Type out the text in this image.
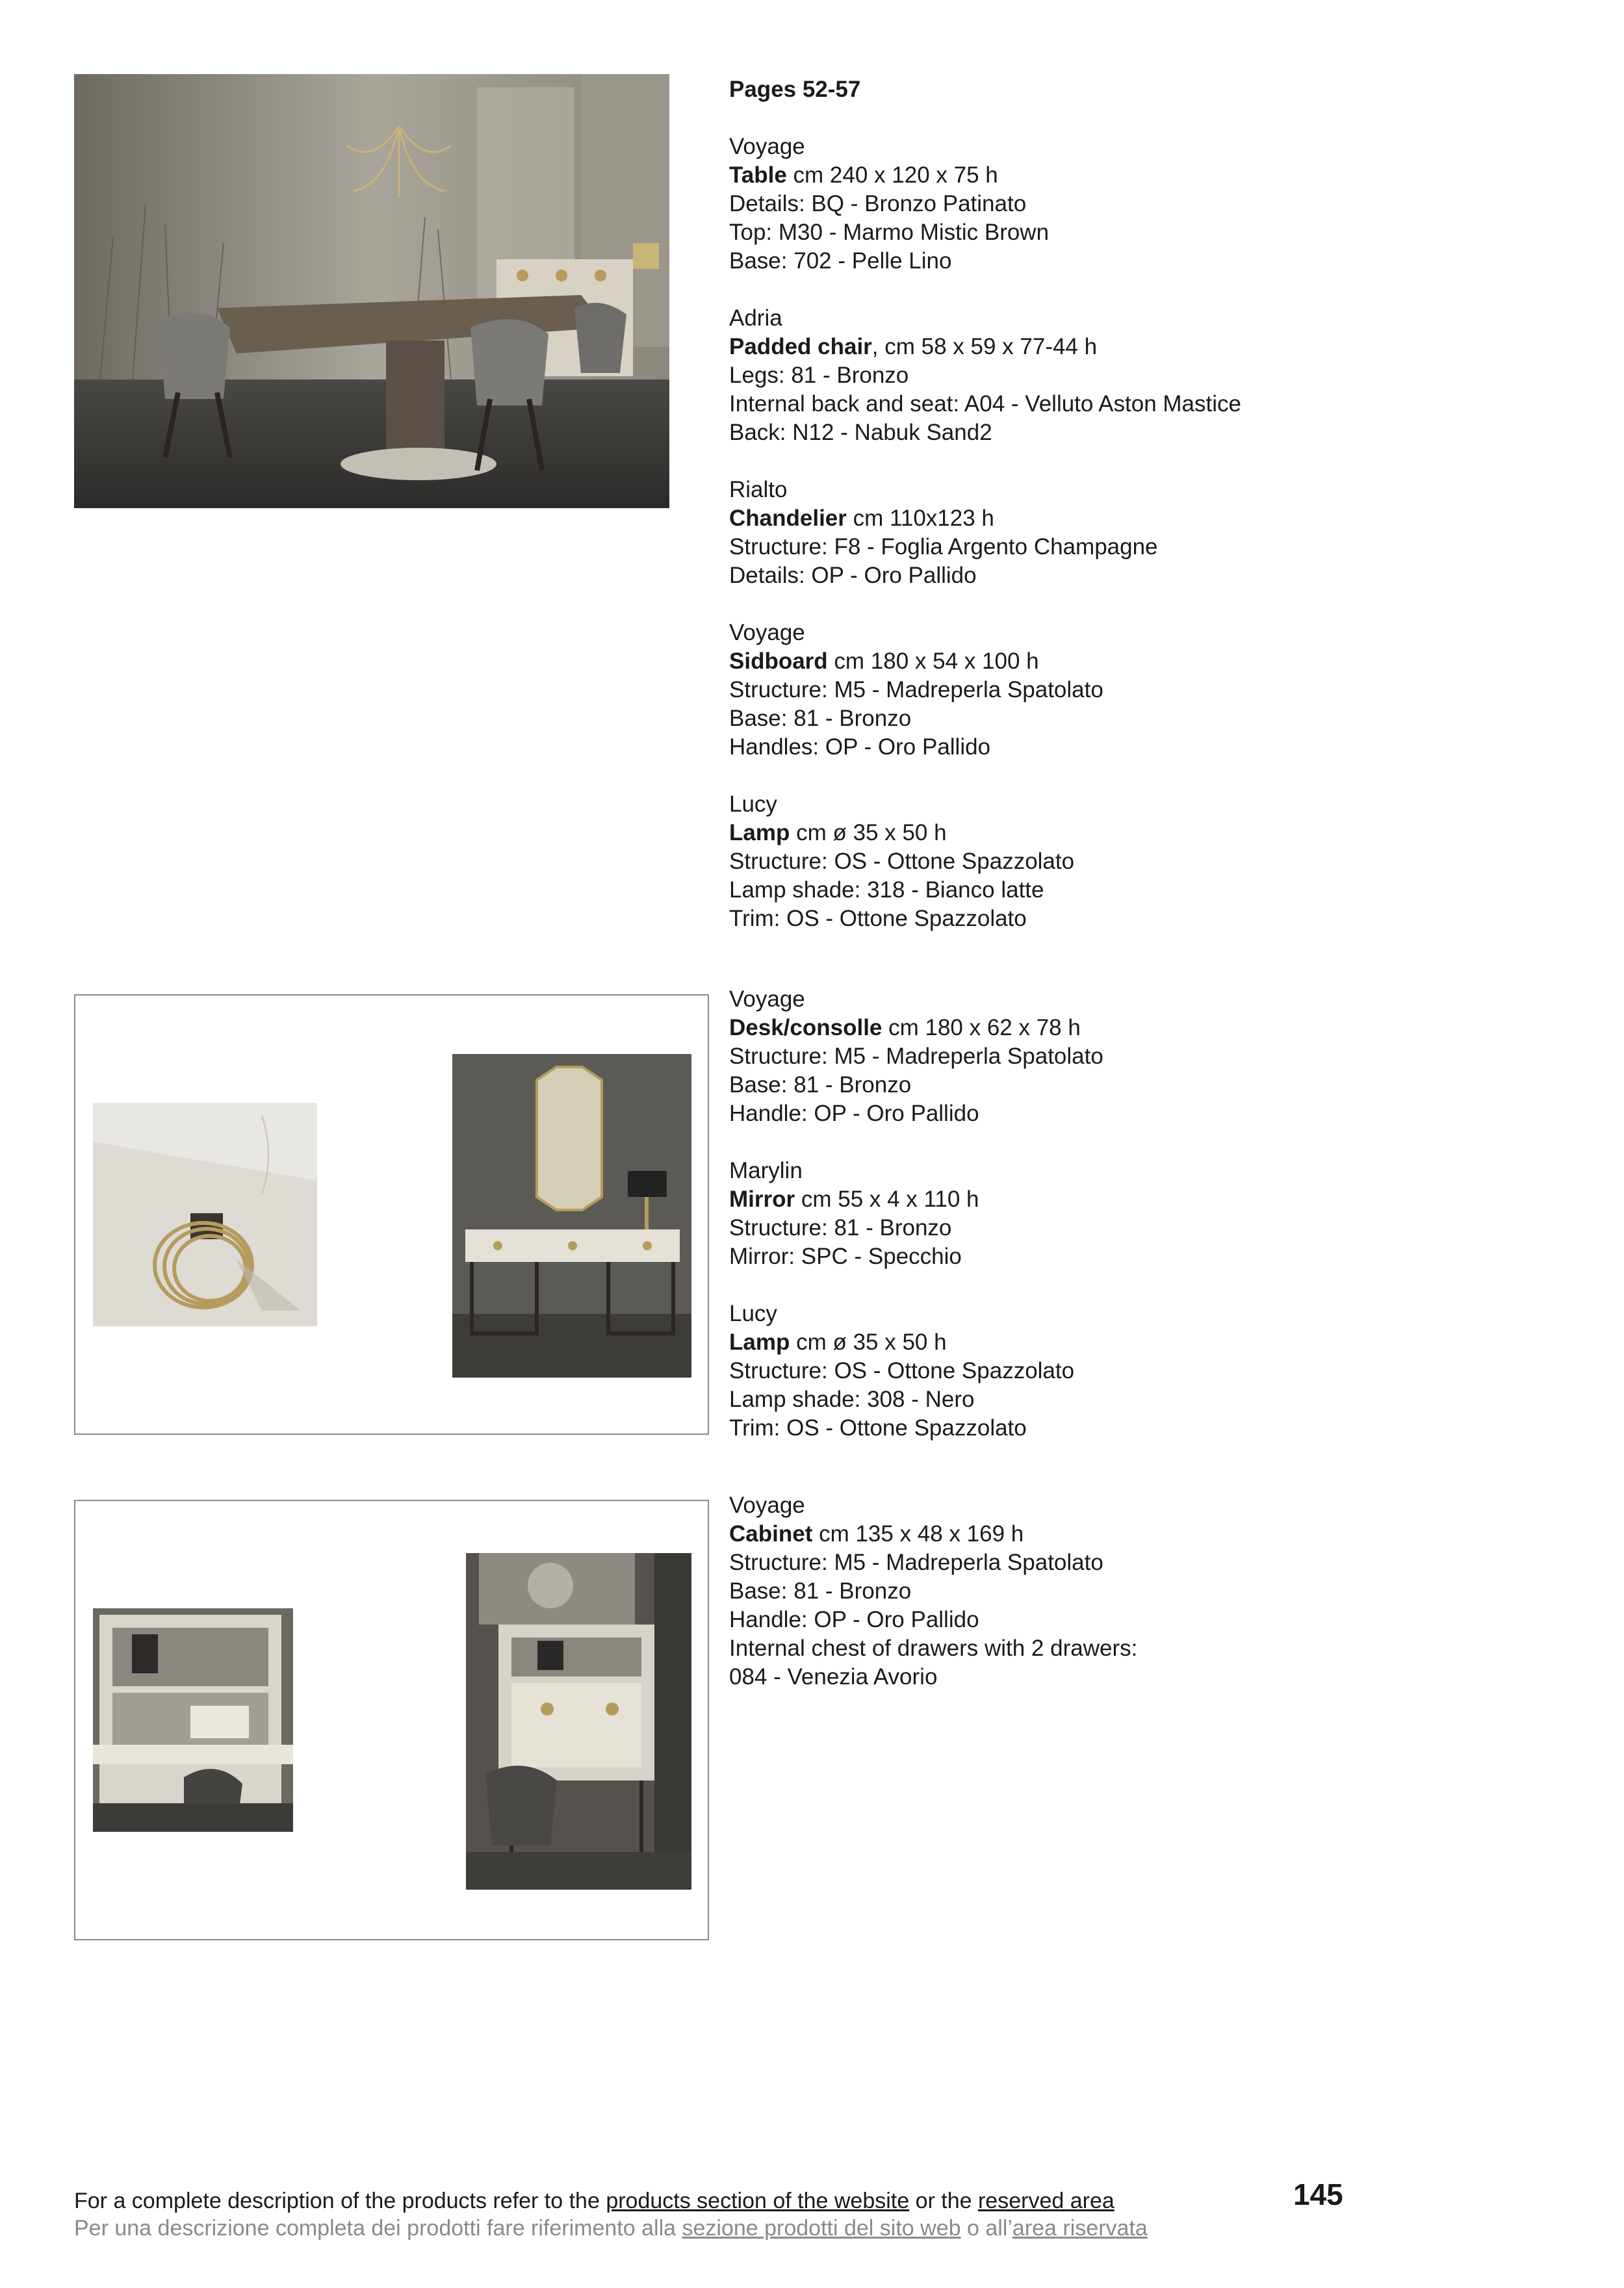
Pages 52-57
Voyage
Table cm 240 x 120 x 75 h
Details: BQ - Bronzo Patinato
Top: M30 - Marmo Mistic Brown
Base: 702 - Pelle Lino
Adria
Padded chair, cm 58 x 59 x 77-44 h
Legs: 81 - Bronzo
Internal back and seat: A04 - Velluto Aston Mastice
Back: N12 - Nabuk Sand2
Rialto
Chandelier cm 110x123 h
Structure: F8 - Foglia Argento Champagne
Details: OP - Oro Pallido
Voyage
Sidboard cm 180 x 54 x 100 h
Structure: M5 - Madreperla Spatolato
Base: 81 - Bronzo
Handles: OP - Oro Pallido
Lucy
Lamp cm ø 35 x 50 h
Structure: OS - Ottone Spazzolato
Lamp shade: 318 - Bianco latte
Trim: OS - Ottone Spazzolato
Voyage
Desk/consolle cm 180 x 62 x 78 h
Structure: M5 - Madreperla Spatolato
Base: 81 - Bronzo
Handle: OP - Oro Pallido
Marylin
Mirror cm 55 x 4 x 110 h
Structure: 81 - Bronzo
Mirror: SPC - Specchio
Lucy
Lamp cm ø 35 x 50 h
Structure: OS - Ottone Spazzolato
Lamp shade: 308 - Nero
Trim: OS - Ottone Spazzolato
Voyage
Cabinet cm 135 x 48 x 169 h
Structure: M5 - Madreperla Spatolato
Base: 81 - Bronzo
Handle: OP - Oro Pallido
Internal chest of drawers with 2 drawers:
084 - Venezia Avorio
For a complete description of the products refer to the products section of the website or the reserved area
Per una descrizione completa dei prodotti fare riferimento alla sezione prodotti del sito web o all’area riservata
145
